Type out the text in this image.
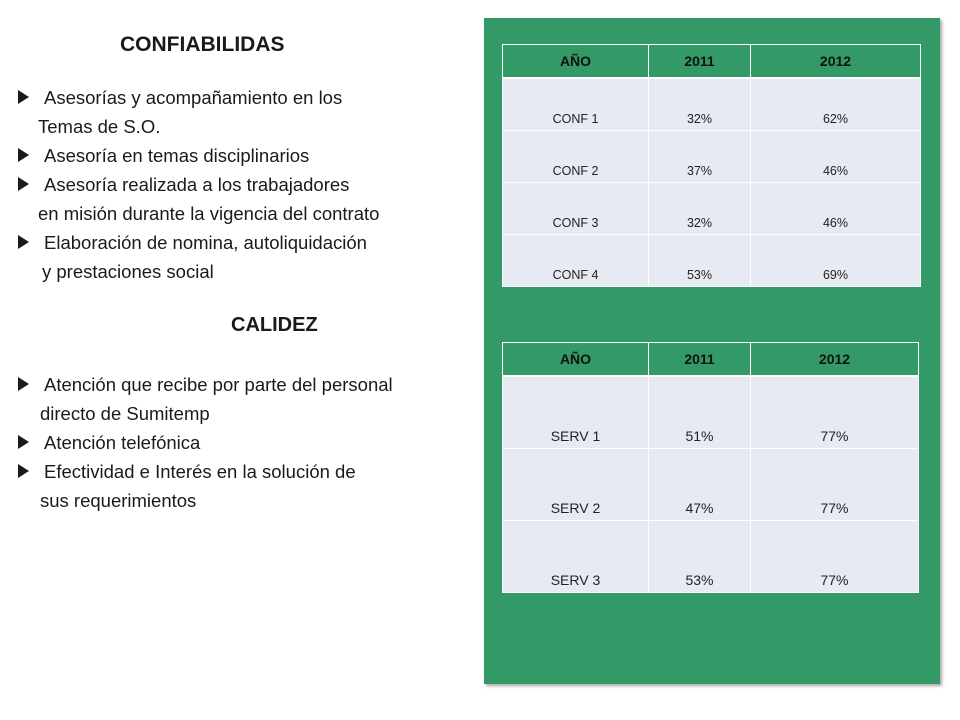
CONFIABILIDAS
Asesorías y acompañamiento en los
Temas de S.O.
Asesoría en temas disciplinarios
Asesoría realizada a los trabajadores
en misión durante la vigencia del contrato
Elaboración de nomina, autoliquidación
y prestaciones social
CALIDEZ
Atención que recibe por parte del personal
directo de Sumitemp
Atención telefónica
Efectividad e Interés en la solución de
sus requerimientos
AÑO	2011	2012
CONF 1	32%	62%
CONF 2	37%	46%
CONF 3	32%	46%
CONF 4	53%	69%
AÑO	2011	2012
SERV 1	51%	77%
SERV 2	47%	77%
SERV 3	53%	77%
